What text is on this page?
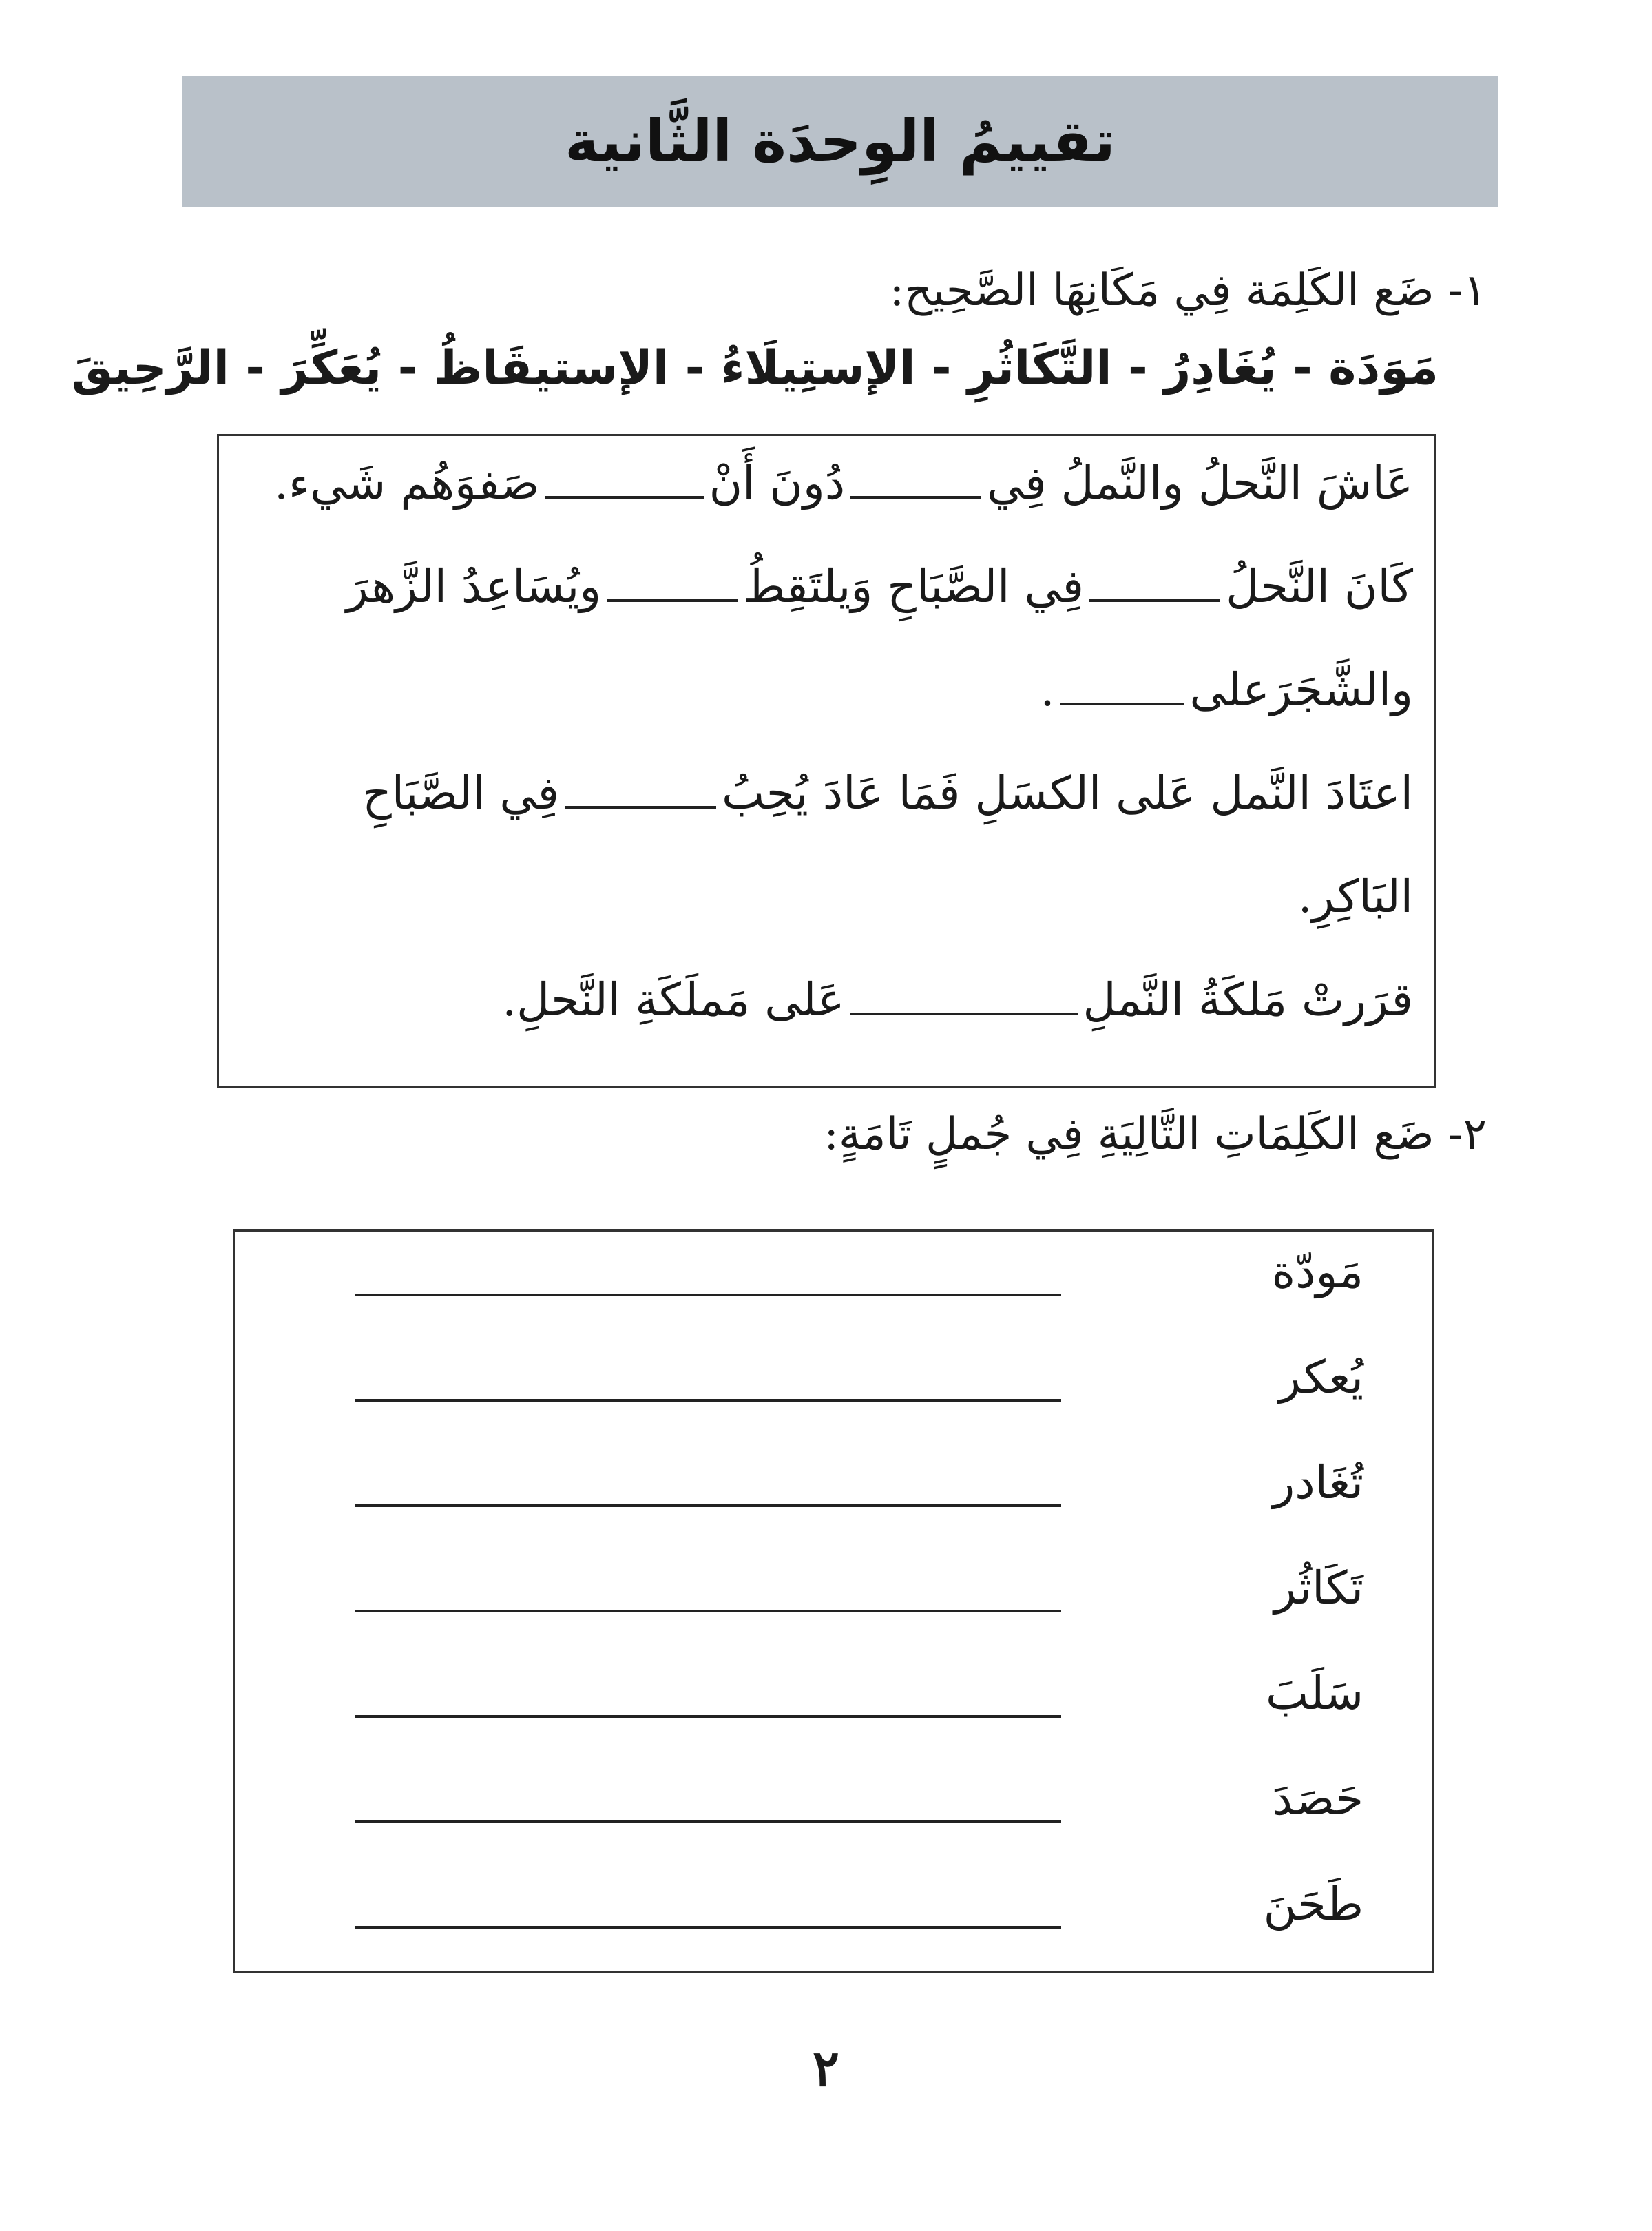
تقييمُ الوِحدَة الثَّانية
١- ضَع الكَلِمَة فِي مَكَانِهَا الصَّحِيح:
مَوَدَة - يُغَادِرُ - التَّكَاثُرِ - الإستِيلَاءُ - الإستيقَاظُ - يُعَكِّرَ - الرَّحِيقَ
عَاشَ النَّحلُ والنَّملُ فِيدُونَ أَنْصَفوَهُم شَيء.
كَانَ النَّحلُفِي الصَّبَاحِ وَيلتَقِطُويُسَاعِدُ الزَّهرَ
والشَّجَرَعلى.
اعتَادَ النَّمل عَلى الكسَلِ فَمَا عَادَ يُحِبُفِي الصَّبَاحِ
البَاكِرِ.
قرَرتْ مَلكَةُ النَّملِعَلى مَملَكَةِ النَّحلِ.
٢- ضَع الكَلِمَاتِ التَّالِيَةِ فِي جُملٍ تَامَةٍ:
مَودّة
يُعكر
تُغَادر
تَكَاثُر
سَلَبَ
حَصَدَ
طَحَنَ
٢
